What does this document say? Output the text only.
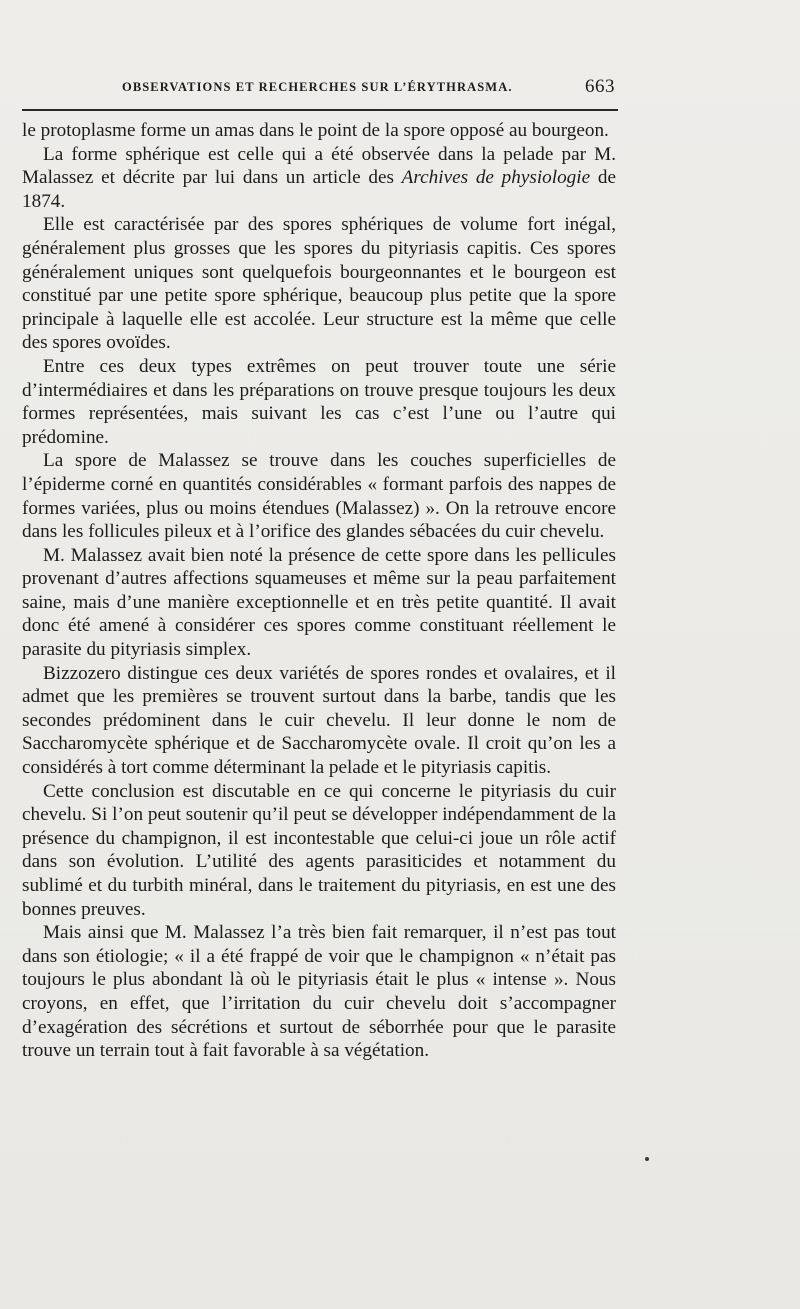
OBSERVATIONS ET RECHERCHES SUR L’ÉRYTHRASMA.	663

le protoplasme forme un amas dans le point de la spore opposé au bourgeon.

La forme sphérique est celle qui a été observée dans la pelade par M. Malassez et décrite par lui dans un article des Archives de physiologie de 1874.

Elle est caractérisée par des spores sphériques de volume fort inégal, généralement plus grosses que les spores du pityriasis capitis. Ces spores généralement uniques sont quelquefois bourgeonnantes et le bourgeon est constitué par une petite spore sphérique, beaucoup plus petite que la spore principale à laquelle elle est accolée. Leur structure est la même que celle des spores ovoïdes.

Entre ces deux types extrêmes on peut trouver toute une série d’intermédiaires et dans les préparations on trouve presque toujours les deux formes représentées, mais suivant les cas c’est l’une ou l’autre qui prédomine.

La spore de Malassez se trouve dans les couches superficielles de l’épiderme corné en quantités considérables « formant parfois des nappes de formes variées, plus ou moins étendues (Malassez) ». On la retrouve encore dans les follicules pileux et à l’orifice des glandes sébacées du cuir chevelu.

M. Malassez avait bien noté la présence de cette spore dans les pellicules provenant d’autres affections squameuses et même sur la peau parfaitement saine, mais d’une manière exceptionnelle et en très petite quantité. Il avait donc été amené à considérer ces spores comme constituant réellement le parasite du pityriasis simplex.

Bizzozero distingue ces deux variétés de spores rondes et ovalaires, et il admet que les premières se trouvent surtout dans la barbe, tandis que les secondes prédominent dans le cuir chevelu. Il leur donne le nom de Saccharomycète sphérique et de Saccharomycète ovale. Il croit qu’on les a considérés à tort comme déterminant la pelade et le pityriasis capitis.

Cette conclusion est discutable en ce qui concerne le pityriasis du cuir chevelu. Si l’on peut soutenir qu’il peut se développer indépendamment de la présence du champignon, il est incontestable que celui-ci joue un rôle actif dans son évolution. L’utilité des agents parasiticides et notamment du sublimé et du turbith minéral, dans le traitement du pityriasis, en est une des bonnes preuves.

Mais ainsi que M. Malassez l’a très bien fait remarquer, il n’est pas tout dans son étiologie; « il a été frappé de voir que le champignon « n’était pas toujours le plus abondant là où le pityriasis était le plus « intense ». Nous croyons, en effet, que l’irritation du cuir chevelu doit s’accompagner d’exagération des sécrétions et surtout de séborrhée pour que le parasite trouve un terrain tout à fait favorable à sa végétation.
